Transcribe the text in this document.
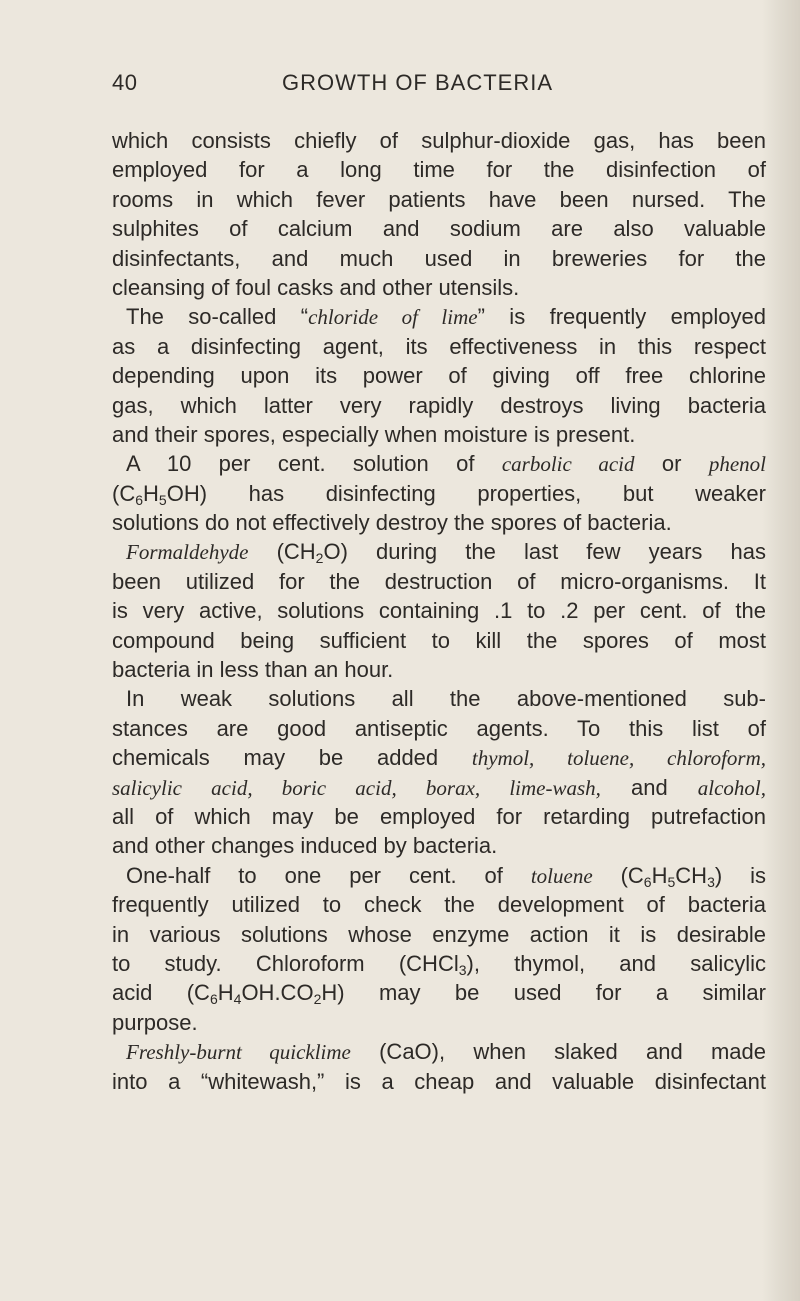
40	GROWTH OF BACTERIA
which consists chiefly of sulphur-dioxide gas, has been
employed for a long time for the disinfection of
rooms in which fever patients have been nursed. The
sulphites of calcium and sodium are also valuable
disinfectants, and much used in breweries for the
cleansing of foul casks and other utensils.
The so-called “chloride of lime” is frequently employed
as a disinfecting agent, its effectiveness in this respect
depending upon its power of giving off free chlorine
gas, which latter very rapidly destroys living bacteria
and their spores, especially when moisture is present.
A 10 per cent. solution of carbolic acid or phenol
$(C_6H_5OH)$ has disinfecting properties, but weaker
solutions do not effectively destroy the spores of bacteria.
Formaldehyde $(CH_2O)$ during the last few years has
been utilized for the destruction of micro-organisms. It
is very active, solutions containing .1 to .2 per cent. of the
compound being sufficient to kill the spores of most
bacteria in less than an hour.
In weak solutions all the above-mentioned sub-
stances are good antiseptic agents. To this list of
chemicals may be added thymol, toluene, chloroform,
salicylic acid, boric acid, borax, lime-wash, and alcohol,
all of which may be employed for retarding putrefaction
and other changes induced by bacteria.
One-half to one per cent. of toluene $(C_6H_5CH_3)$ is
frequently utilized to check the development of bacteria
in various solutions whose enzyme action it is desirable
to study. Chloroform (CHCl$_3$), thymol, and salicylic
acid $(C_6H_4OH.CO_2H)$ may be used for a similar
purpose.
Freshly-burnt quicklime (CaO), when slaked and made
into a “whitewash,” is a cheap and valuable disinfectant
